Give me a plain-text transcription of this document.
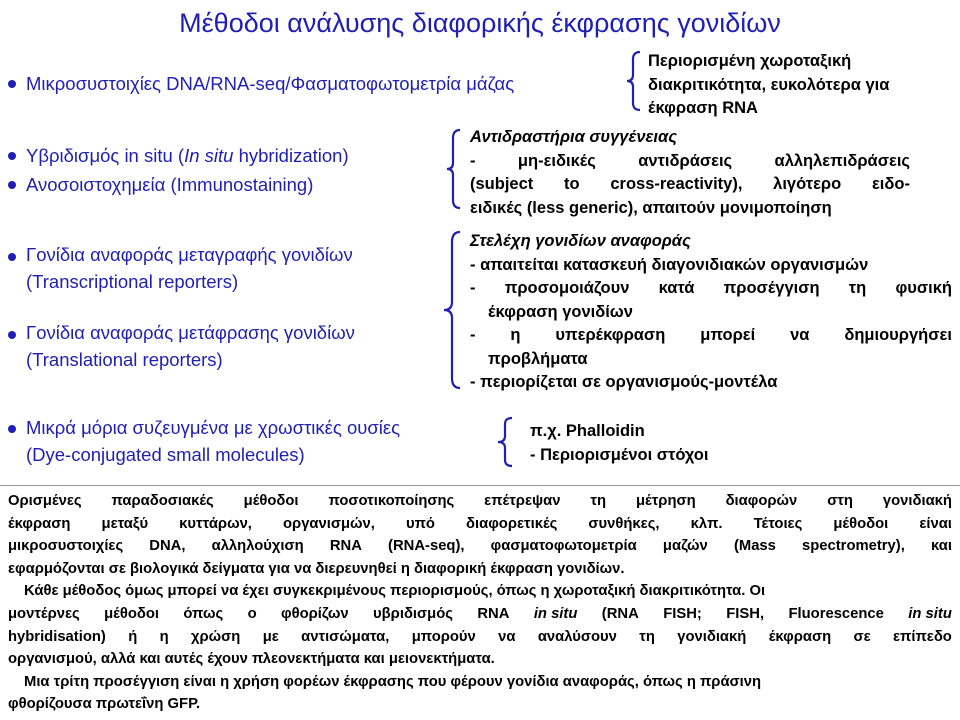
Μέθοδοι ανάλυσης διαφορικής έκφρασης γονιδίων
Μικροσυστοιχίες DNA/RNA-seq/Φασματοφωτομετρία μάζας
Περιορισμένη χωροταξική
διακριτικότητα, ευκολότερα για
έκφραση RNA
Υβριδισμός in situ (In situ hybridization)
Ανοσοιστοχημεία (Immunostaining)
Αντιδραστήρια συγγένειας
-	μη-ειδικές	αντιδράσεις	αλληλεπιδράσεις
(subject to cross-reactivity), λιγότερο ειδο-
ειδικές (less generic), απαιτούν μονιμοποίηση
Γονίδια αναφοράς μεταγραφής γονιδίων
(Transcriptional reporters)
Γονίδια αναφοράς μετάφρασης γονιδίων
(Translational reporters)
Στελέχη γονιδίων αναφοράς
- απαιτείται κατασκευή διαγονιδιακών οργανισμών
- προσομοιάζουν κατά προσέγγιση τη φυσική
έκφραση γονιδίων
- η υπερέκφραση μπορεί να δημιουργήσει
προβλήματα
- περιορίζεται σε οργανισμούς-μοντέλα
Μικρά μόρια συζευγμένα με χρωστικές ουσίες
(Dye-conjugated small molecules)
π.χ. Phalloidin
- Περιορισμένοι στόχοι
Ορισμένες παραδοσιακές μέθοδοι ποσοτικοποίησης επέτρεψαν τη μέτρηση διαφορών στη γονιδιακή
έκφραση μεταξύ κυττάρων, οργανισμών, υπό διαφορετικές συνθήκες, κλπ. Τέτοιες μέθοδοι είναι
μικροσυστοιχίες DNA, αλληλούχιση RNA (RNA-seq), φασματοφωτομετρία μαζών (Mass spectrometry), και
εφαρμόζονται σε βιολογικά δείγματα για να διερευνηθεί η διαφορική έκφραση γονιδίων.
Κάθε μέθοδος όμως μπορεί να έχει συγκεκριμένους περιορισμούς, όπως η χωροταξική διακριτικότητα. Οι
μοντέρνες μέθοδοι όπως ο φθορίζων υβριδισμός RNA in situ (RNA FISH; FISH, Fluorescence in situ
hybridisation) ή η χρώση με αντισώματα, μπορούν να αναλύσουν τη γονιδιακή έκφραση σε επίπεδο
οργανισμού, αλλά και αυτές έχουν πλεονεκτήματα και μειονεκτήματα.
Μια τρίτη προσέγγιση είναι η χρήση φορέων έκφρασης που φέρουν γονίδια αναφοράς, όπως η πράσινη
φθορίζουσα πρωτεΐνη GFP.
